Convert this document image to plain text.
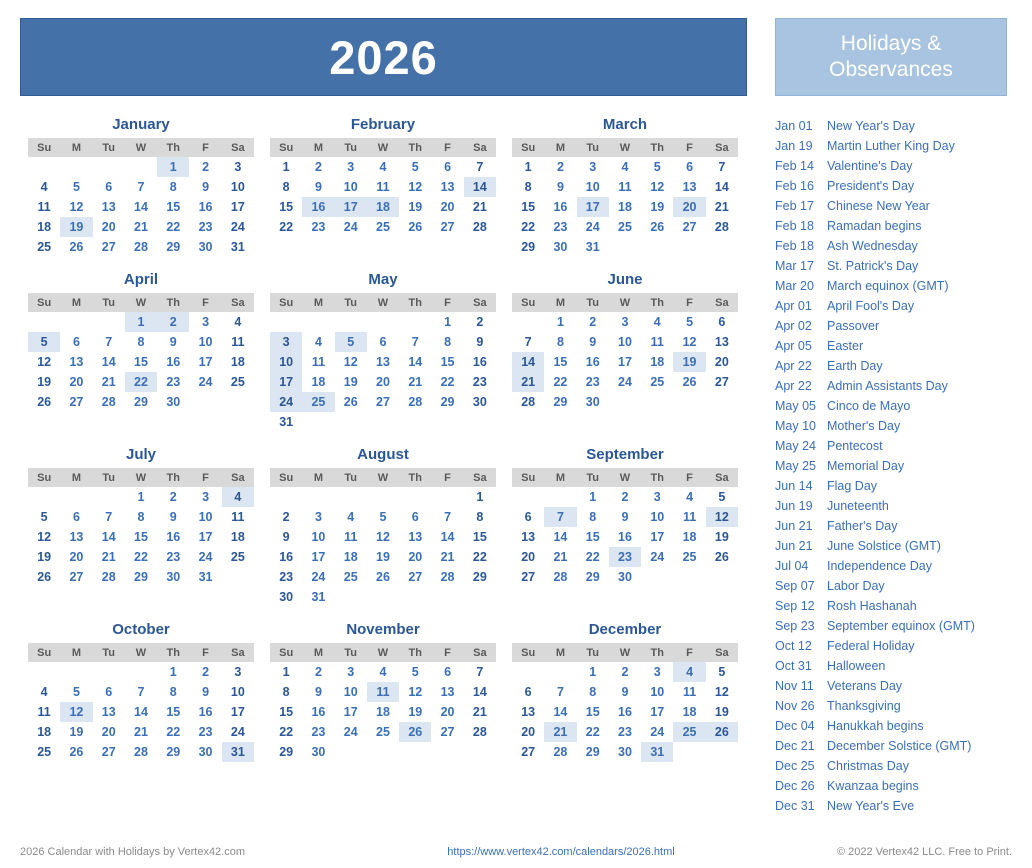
2026	Holidays &
Observances
January
Su	M	Tu	W	Th	F	Sa
				1	2	3
4	5	6	7	8	9	10
11	12	13	14	15	16	17
18	19	20	21	22	23	24
25	26	27	28	29	30	31
February
Su	M	Tu	W	Th	F	Sa
1	2	3	4	5	6	7
8	9	10	11	12	13	14
15	16	17	18	19	20	21
22	23	24	25	26	27	28
March
Su	M	Tu	W	Th	F	Sa
1	2	3	4	5	6	7
8	9	10	11	12	13	14
15	16	17	18	19	20	21
22	23	24	25	26	27	28
29	30	31				
April
Su	M	Tu	W	Th	F	Sa
			1	2	3	4
5	6	7	8	9	10	11
12	13	14	15	16	17	18
19	20	21	22	23	24	25
26	27	28	29	30		
May
Su	M	Tu	W	Th	F	Sa
					1	2
3	4	5	6	7	8	9
10	11	12	13	14	15	16
17	18	19	20	21	22	23
24	25	26	27	28	29	30
31						
June
Su	M	Tu	W	Th	F	Sa
	1	2	3	4	5	6
7	8	9	10	11	12	13
14	15	16	17	18	19	20
21	22	23	24	25	26	27
28	29	30				
July
Su	M	Tu	W	Th	F	Sa
			1	2	3	4
5	6	7	8	9	10	11
12	13	14	15	16	17	18
19	20	21	22	23	24	25
26	27	28	29	30	31	
August
Su	M	Tu	W	Th	F	Sa
						1
2	3	4	5	6	7	8
9	10	11	12	13	14	15
16	17	18	19	20	21	22
23	24	25	26	27	28	29
30	31					
September
Su	M	Tu	W	Th	F	Sa
		1	2	3	4	5
6	7	8	9	10	11	12
13	14	15	16	17	18	19
20	21	22	23	24	25	26
27	28	29	30			
October
Su	M	Tu	W	Th	F	Sa
				1	2	3
4	5	6	7	8	9	10
11	12	13	14	15	16	17
18	19	20	21	22	23	24
25	26	27	28	29	30	31
November
Su	M	Tu	W	Th	F	Sa
1	2	3	4	5	6	7
8	9	10	11	12	13	14
15	16	17	18	19	20	21
22	23	24	25	26	27	28
29	30					
December
Su	M	Tu	W	Th	F	Sa
		1	2	3	4	5
6	7	8	9	10	11	12
13	14	15	16	17	18	19
20	21	22	23	24	25	26
27	28	29	30	31		
Jan 01	New Year's Day
Jan 19	Martin Luther King Day
Feb 14	Valentine's Day
Feb 16	President's Day
Feb 17	Chinese New Year
Feb 18	Ramadan begins
Feb 18	Ash Wednesday
Mar 17	St. Patrick's Day
Mar 20	March equinox (GMT)
Apr 01	April Fool's Day
Apr 02	Passover
Apr 05	Easter
Apr 22	Earth Day
Apr 22	Admin Assistants Day
May 05 Cinco de Mayo
May 10 Mother's Day
May 24 Pentecost
May 25 Memorial Day
Jun 14	Flag Day
Jun 19	Juneteenth
Jun 21	Father's Day
Jun 21	June Solstice (GMT)
Jul 04	Independence Day
Sep 07 Labor Day
Sep 12 Rosh Hashanah
Sep 23 September equinox (GMT)
Oct 12	Federal Holiday
Oct 31	Halloween
Nov 11	Veterans Day
Nov 26 Thanksgiving
Dec 04 Hanukkah begins
Dec 21 December Solstice (GMT)
Dec 25 Christmas Day
Dec 26 Kwanzaa begins
Dec 31 New Year's Eve
2026 Calendar with Holidays by Vertex42.com	https://www.vertex42.com/calendars/2026.html	© 2022 Vertex42 LLC. Free to Print.
